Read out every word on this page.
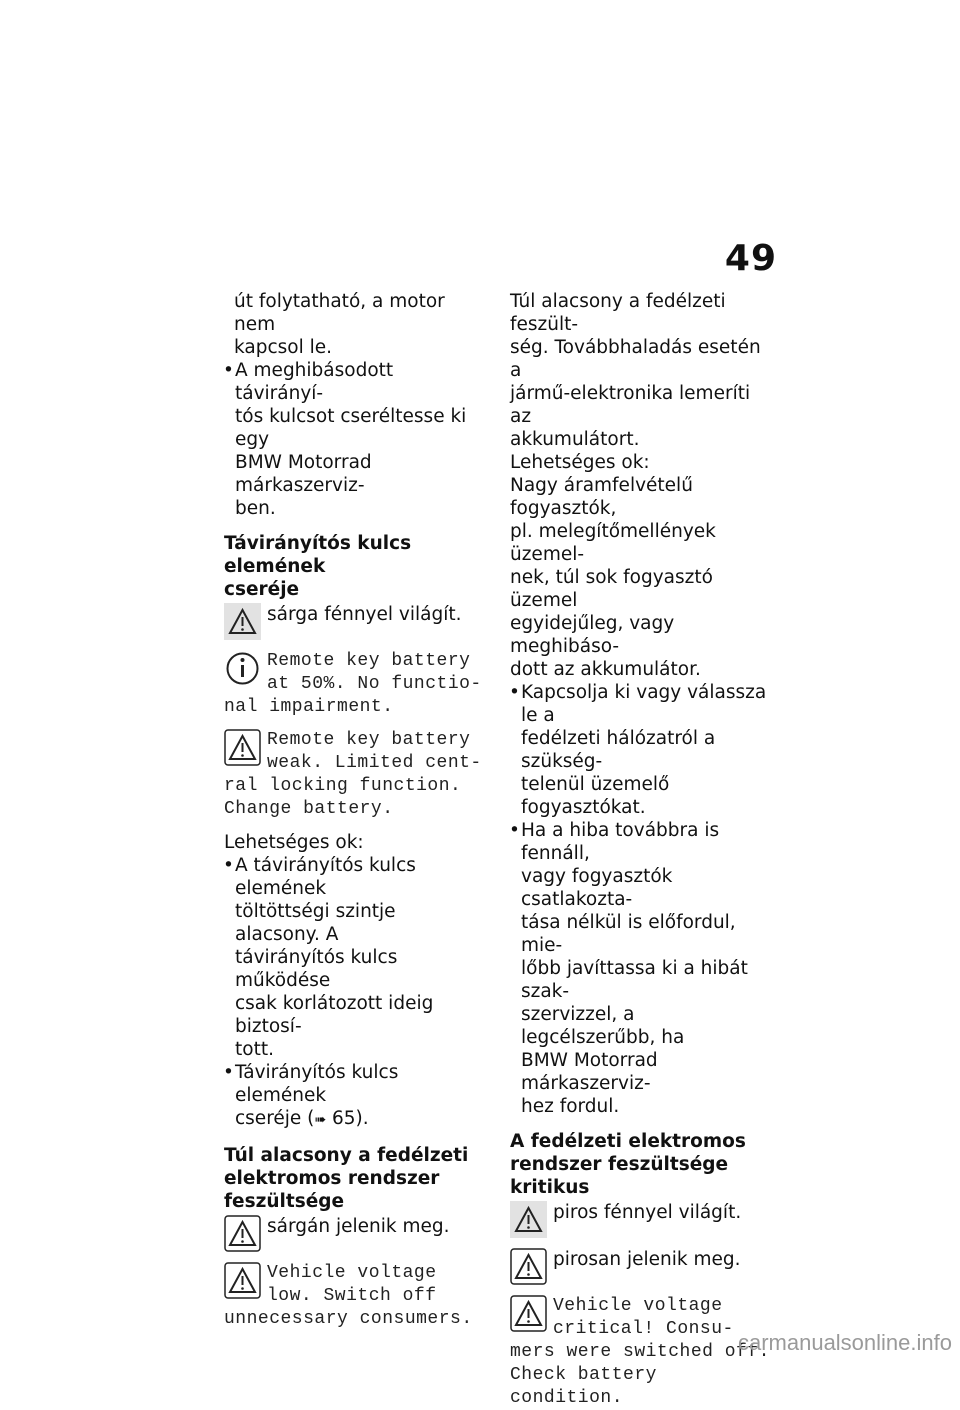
49

út folytatható, a motor nem
kapcsol le.

• A meghibásodott távirányí-
tós kulcsot cseréltesse ki egy
BMW Motorrad márkaszerviz-
ben.

Távirányítós kulcs elemének
cseréje

sárga fénnyel világít.
Remote key battery
at 50%. No functio-
nal impairment.
Remote key battery
weak. Limited cent-
ral locking function.
Change battery.

Lehetséges ok:

• A távirányítós kulcs elemének
töltöttségi szintje alacsony. A
távirányítós kulcs működése
csak korlátozott ideig biztosí-
tott.

• Távirányítós kulcs elemének
cseréje (➠ 65).

Túl alacsony a fedélzeti
elektromos rendszer
feszültsége

sárgán jelenik meg.
Vehicle voltage
low. Switch off
unnecessary consumers.

Túl alacsony a fedélzeti feszült-
ség. Továbbhaladás esetén a
jármű-elektronika lemeríti az
akkumulátort.

Lehetséges ok:

Nagy áramfelvételű fogyasztók,
pl. melegítőmellények üzemel-
nek, túl sok fogyasztó üzemel
egyidejűleg, vagy meghibáso-
dott az akkumulátor.

• Kapcsolja ki vagy válassza le a
fedélzeti hálózatról a szükség-
telenül üzemelő fogyasztókat.

• Ha a hiba továbbra is fennáll,
vagy fogyasztók csatlakozta-
tása nélkül is előfordul, mie-
lőbb javíttassa ki a hibát szak-
szervizzel, a legcélszerűbb, ha
BMW Motorrad márkaszerviz-
hez fordul.

A fedélzeti elektromos
rendszer feszültsége kritikus

piros fénnyel világít.
pirosan jelenik meg.
Vehicle voltage
critical! Consu-
mers were switched off.
Check battery condition.
carmanualsonline.info
